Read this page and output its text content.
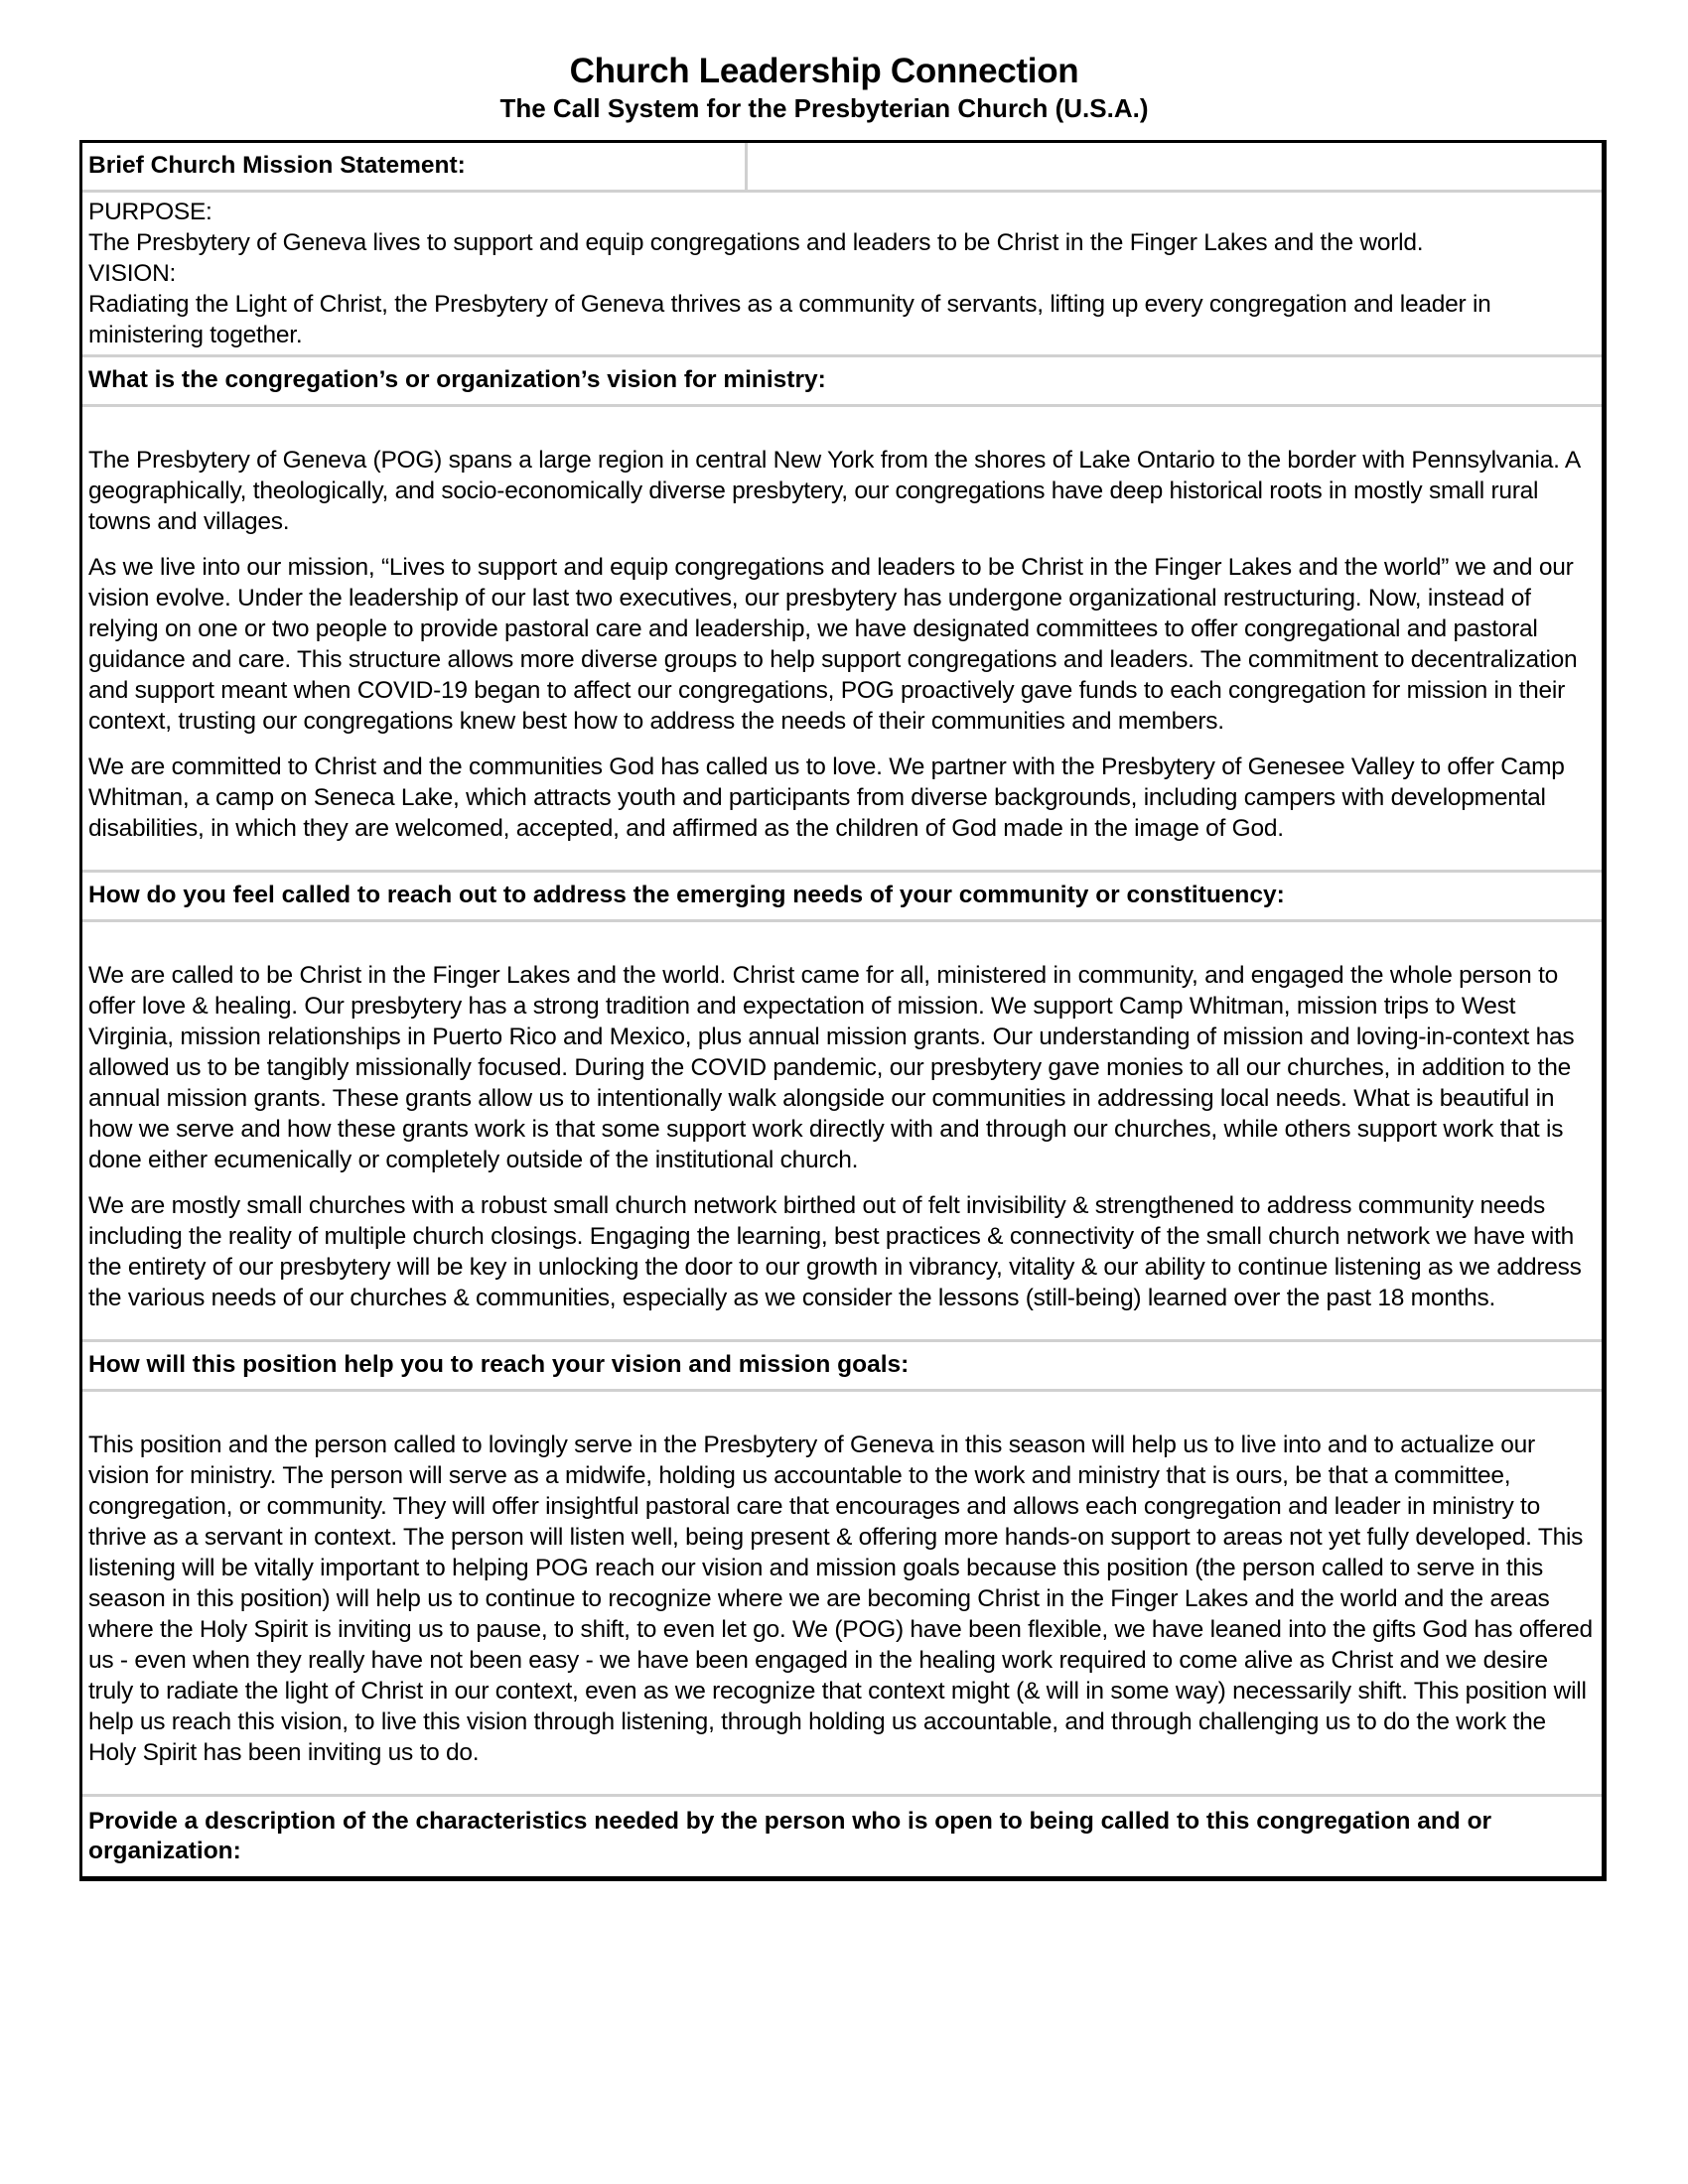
Church Leadership Connection
The Call System for the Presbyterian Church (U.S.A.)
Brief Church Mission Statement:
PURPOSE:
The Presbytery of Geneva lives to support and equip congregations and leaders to be Christ in the Finger Lakes and the world.
VISION:
Radiating the Light of Christ, the Presbytery of Geneva thrives as a community of servants, lifting up every congregation and leader in ministering together.
What is the congregation’s or organization’s vision for ministry:

The Presbytery of Geneva (POG) spans a large region in central New York from the shores of Lake Ontario to the border with Pennsylvania. A geographically, theologically, and socio-economically diverse presbytery, our congregations have deep historical roots in mostly small rural towns and villages.

As we live into our mission, “Lives to support and equip congregations and leaders to be Christ in the Finger Lakes and the world” we and our vision evolve. Under the leadership of our last two executives, our presbytery has undergone organizational restructuring. Now, instead of relying on one or two people to provide pastoral care and leadership, we have designated committees to offer congregational and pastoral guidance and care. This structure allows more diverse groups to help support congregations and leaders. The commitment to decentralization and support meant when COVID-19 began to affect our congregations, POG proactively gave funds to each congregation for mission in their context, trusting our congregations knew best how to address the needs of their communities and members.

We are committed to Christ and the communities God has called us to love. We partner with the Presbytery of Genesee Valley to offer Camp Whitman, a camp on Seneca Lake, which attracts youth and participants from diverse backgrounds, including campers with developmental disabilities, in which they are welcomed, accepted, and affirmed as the children of God made in the image of God.

How do you feel called to reach out to address the emerging needs of your community or constituency:

We are called to be Christ in the Finger Lakes and the world. Christ came for all, ministered in community, and engaged the whole person to offer love & healing. Our presbytery has a strong tradition and expectation of mission. We support Camp Whitman, mission trips to West Virginia, mission relationships in Puerto Rico and Mexico, plus annual mission grants. Our understanding of mission and loving-in-context has allowed us to be tangibly missionally focused. During the COVID pandemic, our presbytery gave monies to all our churches, in addition to the annual mission grants. These grants allow us to intentionally walk alongside our communities in addressing local needs. What is beautiful in how we serve and how these grants work is that some support work directly with and through our churches, while others support work that is done either ecumenically or completely outside of the institutional church.

We are mostly small churches with a robust small church network birthed out of felt invisibility & strengthened to address community needs including the reality of multiple church closings. Engaging the learning, best practices & connectivity of the small church network we have with the entirety of our presbytery will be key in unlocking the door to our growth in vibrancy, vitality & our ability to continue listening as we address the various needs of our churches & communities, especially as we consider the lessons (still-being) learned over the past 18 months.

How will this position help you to reach your vision and mission goals:

This position and the person called to lovingly serve in the Presbytery of Geneva in this season will help us to live into and to actualize our vision for ministry. The person will serve as a midwife, holding us accountable to the work and ministry that is ours, be that a committee, congregation, or community. They will offer insightful pastoral care that encourages and allows each congregation and leader in ministry to thrive as a servant in context. The person will listen well, being present & offering more hands-on support to areas not yet fully developed. This listening will be vitally important to helping POG reach our vision and mission goals because this position (the person called to serve in this season in this position) will help us to continue to recognize where we are becoming Christ in the Finger Lakes and the world and the areas where the Holy Spirit is inviting us to pause, to shift, to even let go. We (POG) have been flexible, we have leaned into the gifts God has offered us - even when they really have not been easy - we have been engaged in the healing work required to come alive as Christ and we desire truly to radiate the light of Christ in our context, even as we recognize that context might (& will in some way) necessarily shift. This position will help us reach this vision, to live this vision through listening, through holding us accountable, and through challenging us to do the work the Holy Spirit has been inviting us to do.

Provide a description of the characteristics needed by the person who is open to being called to this congregation and or organization:
